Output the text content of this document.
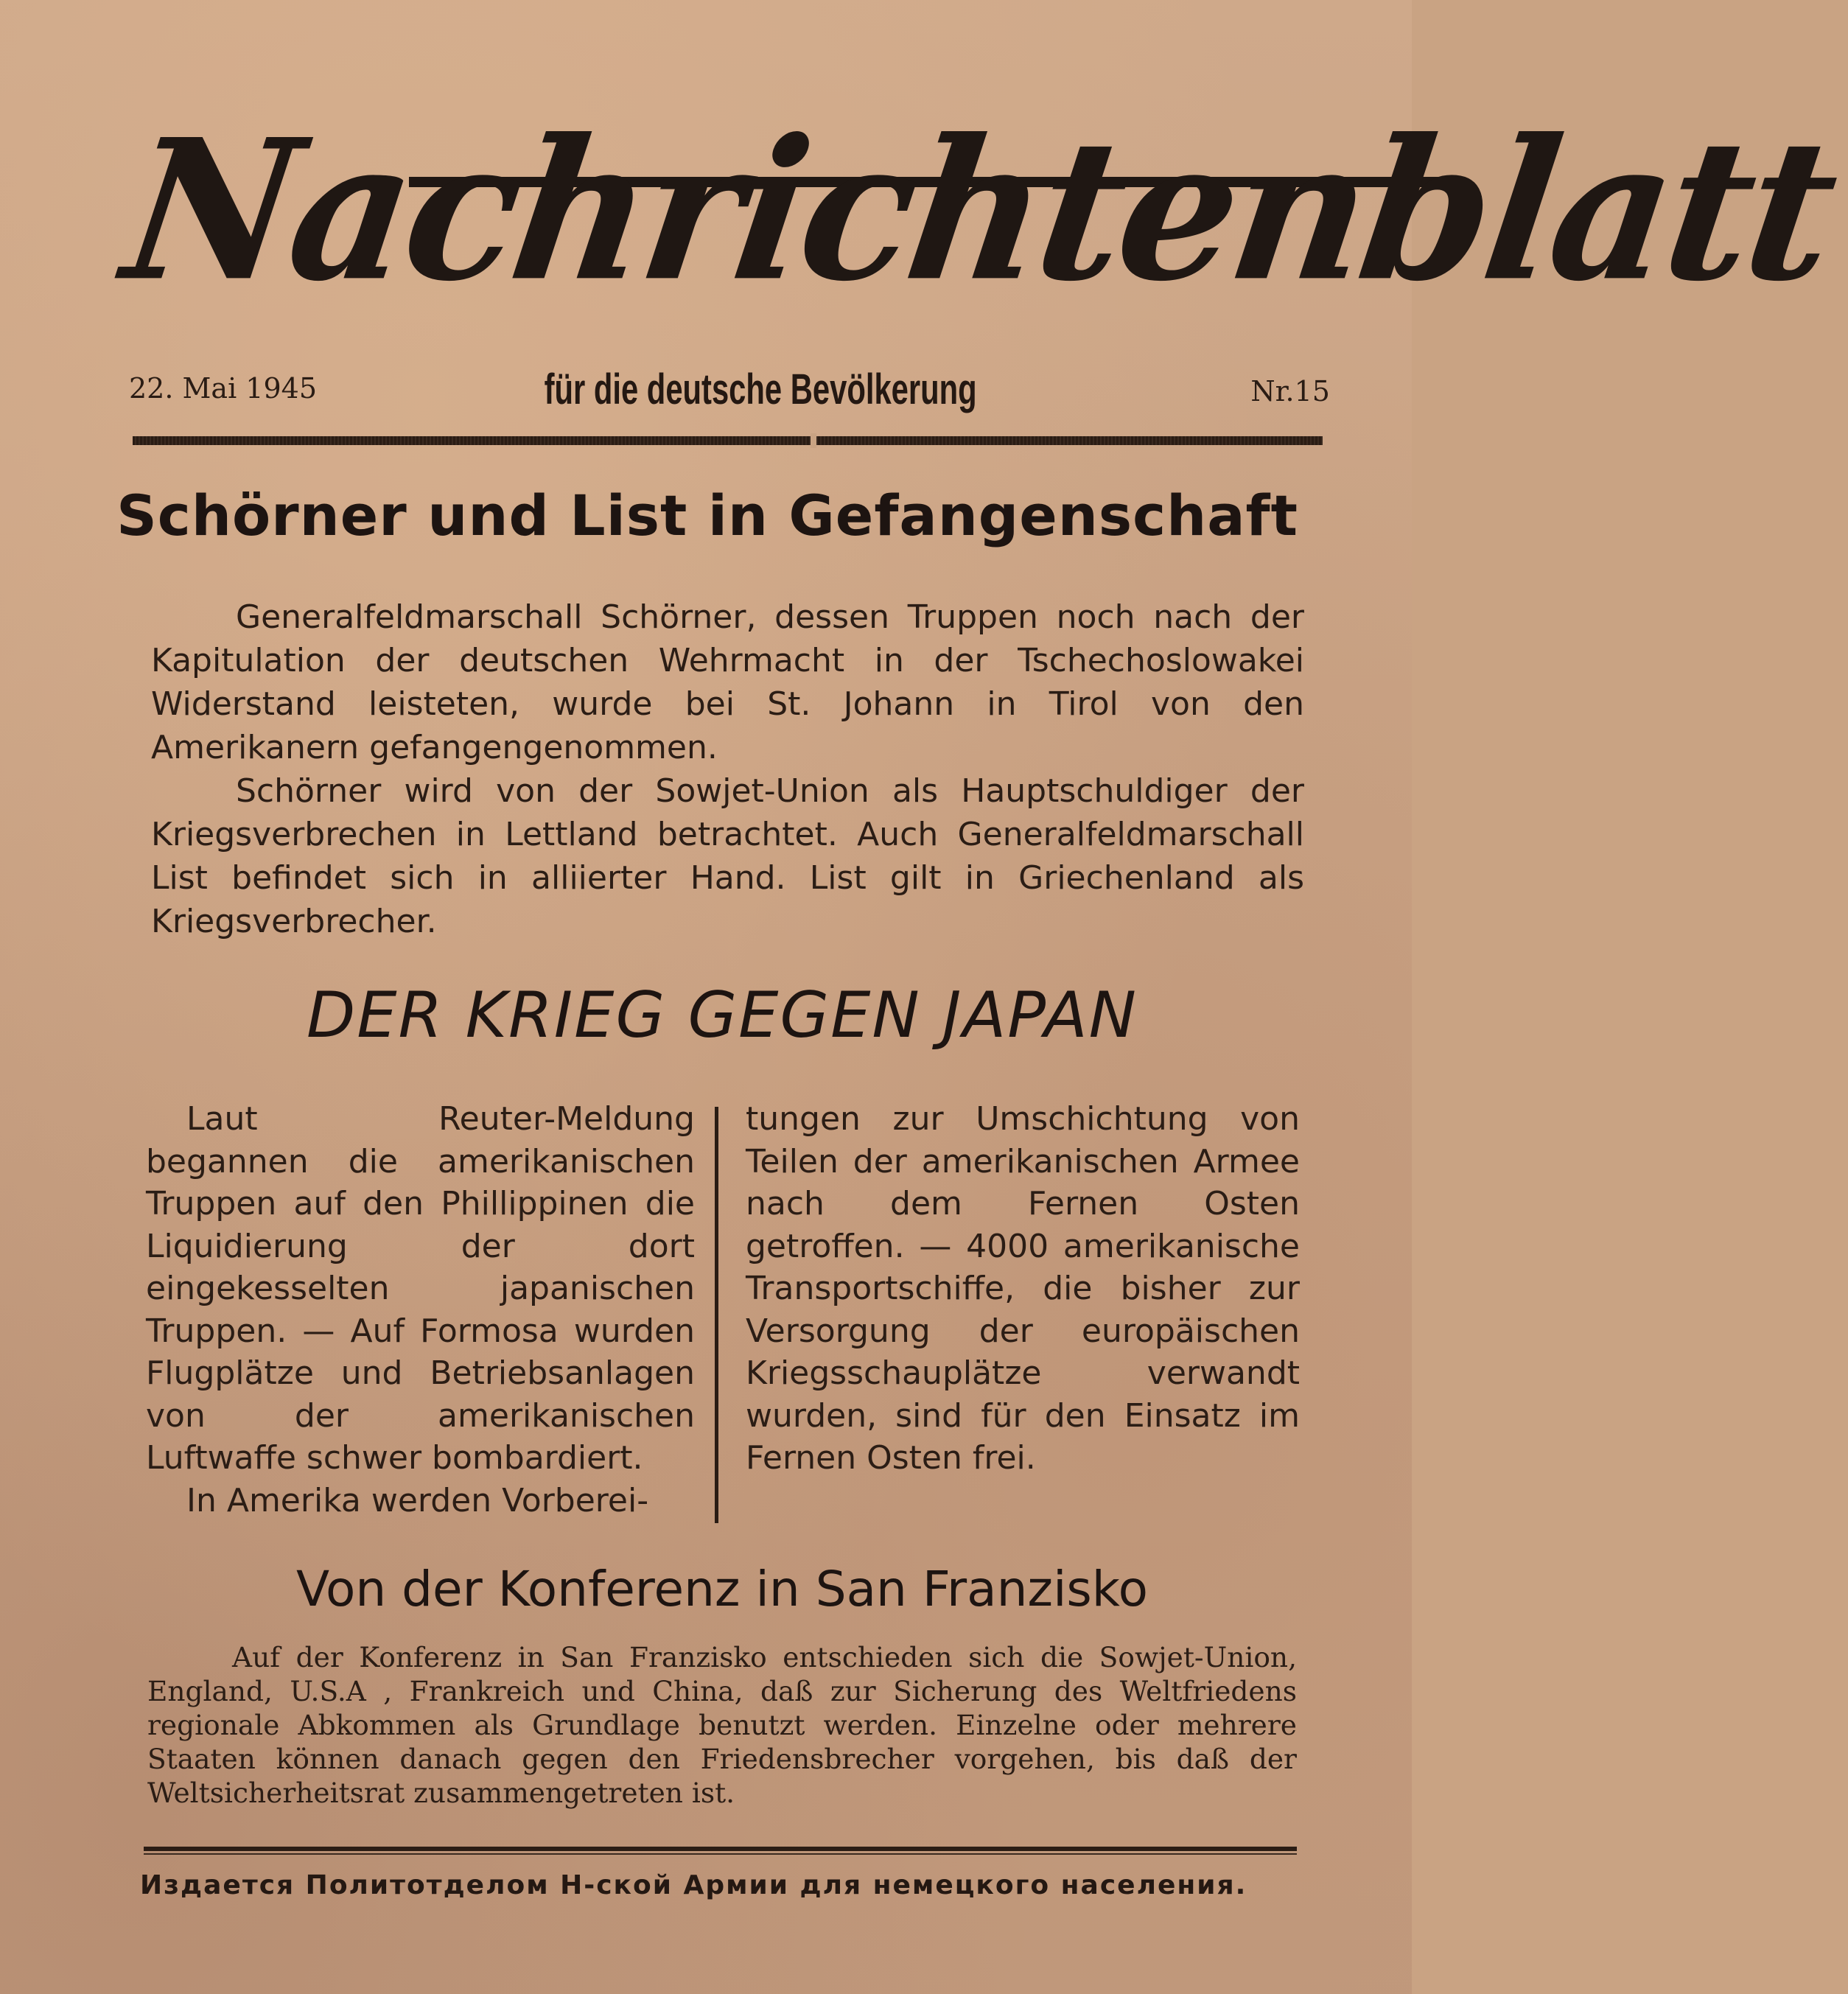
Nachrichtenblatt
22. Mai 1945	für die deutsche Bevölkerung	Nr.15
Schörner und List in Gefangenschaft

Generalfeldmarschall Schörner, dessen Truppen noch nach der Kapitulation der deutschen Wehrmacht in der Tschechoslowakei Widerstand leisteten, wurde bei St. Johann in Tirol von den Amerikanern gefangengenommen.

Schörner wird von der Sowjet-Union als Hauptschuldiger der Kriegsverbrechen in Lettland betrachtet. Auch Generalfeldmarschall List befindet sich in alliierter Hand. List gilt in Griechenland als Kriegsverbrecher.

DER KRIEG GEGEN JAPAN

Laut Reuter-Meldung begannen die amerikanischen Truppen auf den Phillippinen die Liquidierung der dort eingekesselten japanischen Truppen. — Auf Formosa wurden Flugplätze und Betriebsanlagen von der amerikanischen Luftwaffe schwer bombardiert.

In Amerika werden Vorberei-

tungen zur Umschichtung von Teilen der amerikanischen Armee nach dem Fernen Osten getroffen. — 4000 amerikanische Transportschiffe, die bisher zur Versorgung der europäischen Kriegsschauplätze verwandt wurden, sind für den Einsatz im Fernen Osten frei.

Von der Konferenz in San Franzisko

Auf der Konferenz in San Franzisko entschieden sich die Sowjet-Union, England, U.S.A , Frankreich und China, daß zur Sicherung des Weltfriedens regionale Abkommen als Grundlage benutzt werden. Einzelne oder mehrere Staaten können danach gegen den Friedensbrecher vorgehen, bis daß der Weltsicherheitsrat zusammengetreten ist.

Издается Политотделом Н-ской Армии для немецкого населения.
